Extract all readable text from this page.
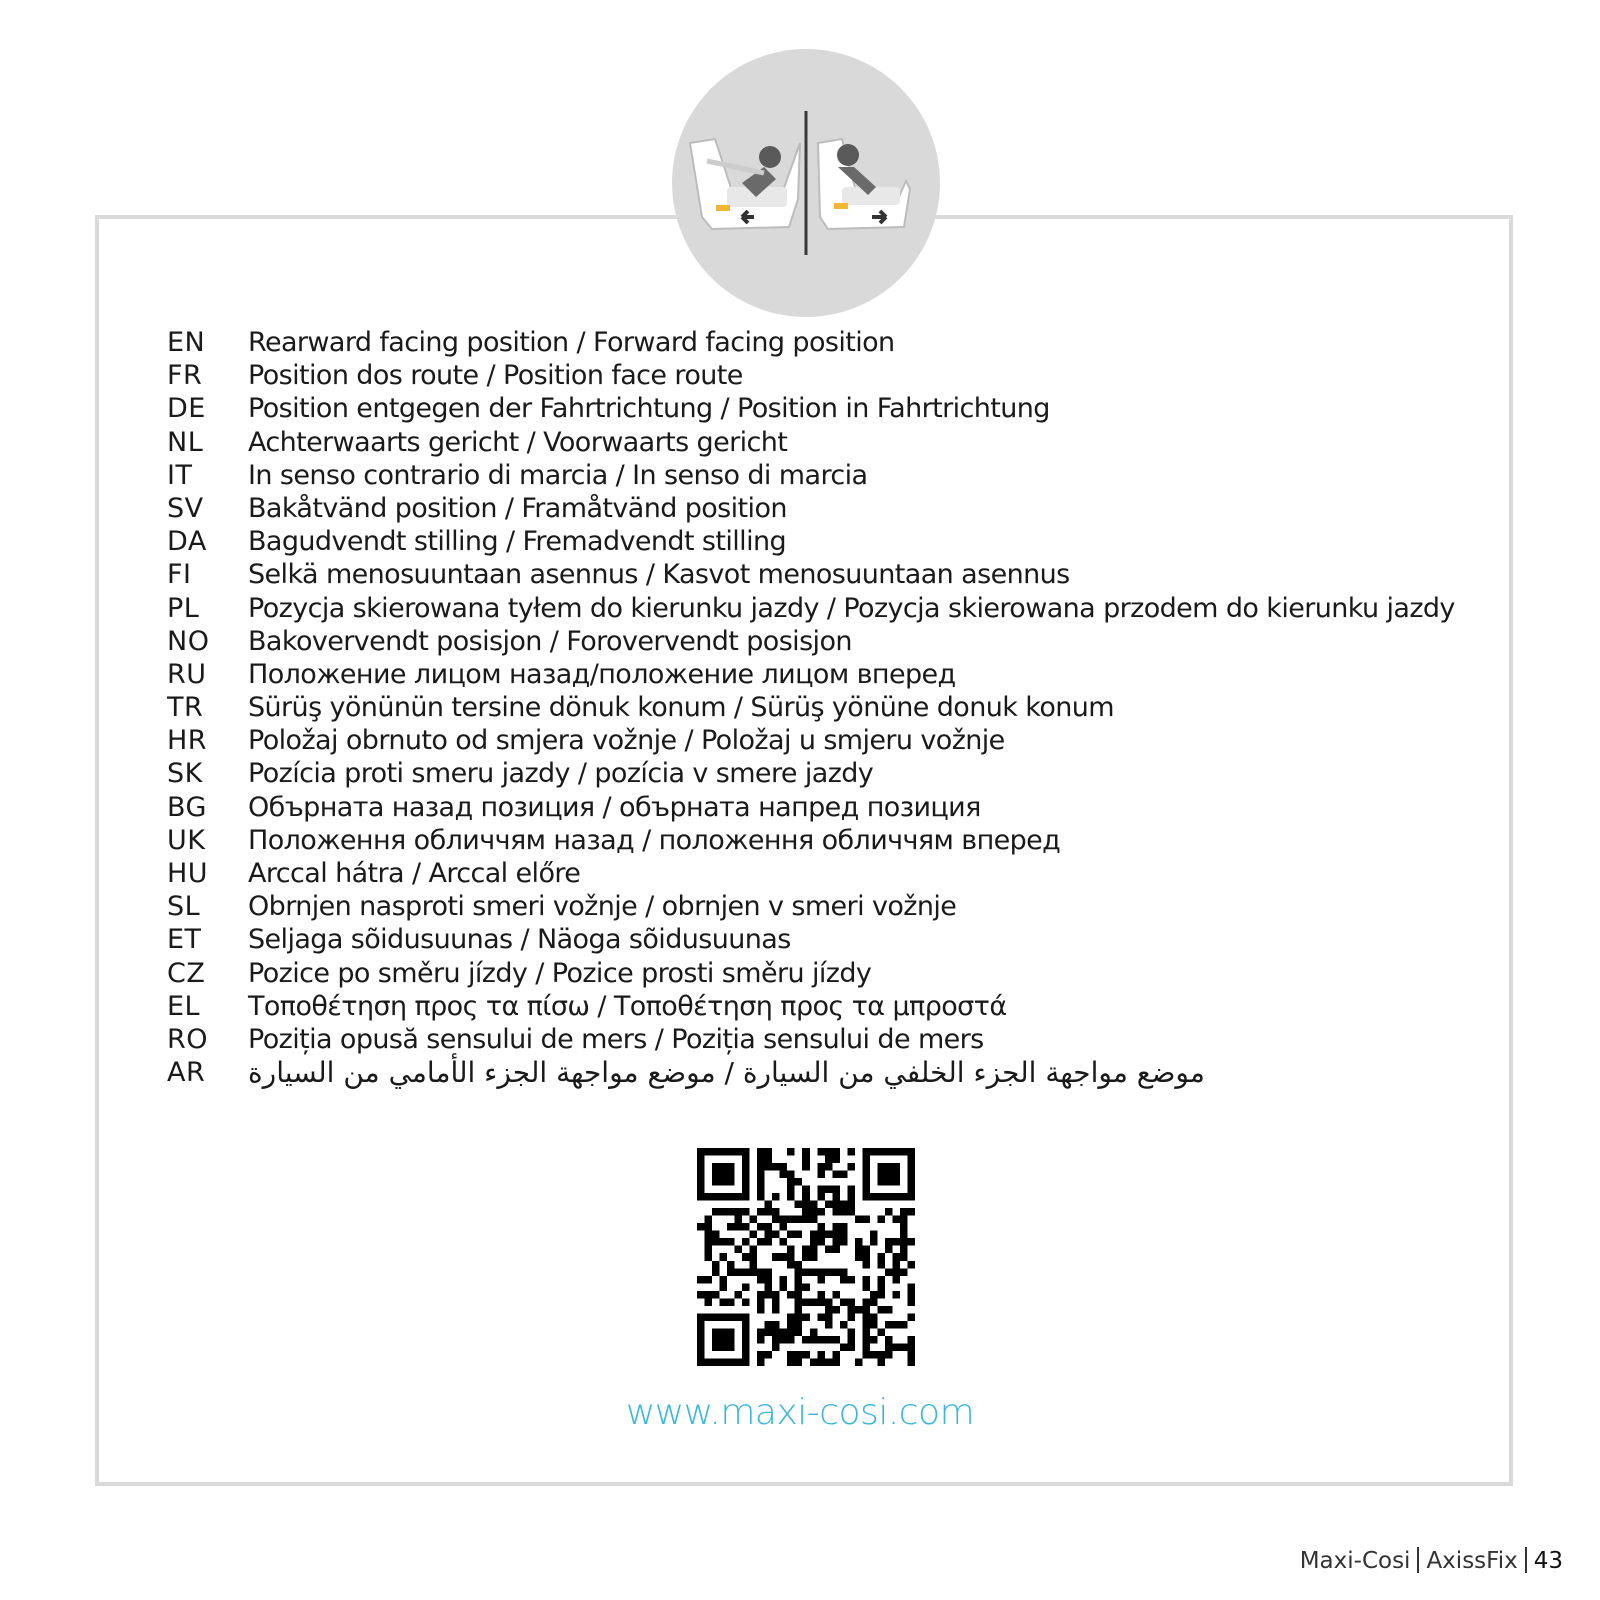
EN	Rearward facing position / Forward facing position
FR	Position dos route / Position face route
DE	Position entgegen der Fahrtrichtung / Position in Fahrtrichtung
NL	Achterwaarts gericht / Voorwaarts gericht
IT	In senso contrario di marcia / In senso di marcia
SV	Bakåtvänd position / Framåtvänd position
DA	Bagudvendt stilling / Fremadvendt stilling
FI	Selkä menosuuntaan asennus / Kasvot menosuuntaan asennus
PL	Pozycja skierowana tyłem do kierunku jazdy / Pozycja skierowana przodem do kierunku jazdy
NO	Bakovervendt posisjon / Forovervendt posisjon
RU	Положение лицом назад/положение лицом вперед
TR	Sürüş yönünün tersine dönuk konum / Sürüş yönüne donuk konum
HR	Položaj obrnuto od smjera vožnje / Položaj u smjeru vožnje
SK	Pozícia proti smeru jazdy / pozícia v smere jazdy
BG	Обърната назад позиция / обърната напред позиция
UK	Положення обличчям назад / положення обличчям вперед
HU	Arccal hátra / Arccal előre
SL	Obrnjen nasproti smeri vožnje / obrnjen v smeri vožnje
ET	Seljaga sõidusuunas / Näoga sõidusuunas
CZ	Pozice po směru jízdy / Pozice prosti směru jízdy
EL	Τοποθέτηση προς τα πίσω / Τοποθέτηση προς τα μπροστά
RO	Poziția opusă sensului de mers / Poziția sensului de mers
AR	موضع مواجهة الجزء الخلفي من السيارة / موضع مواجهة الجزء الأمامي من السيارة
www.maxi-cosi.com
Maxi-Cosi AxissFix 43
